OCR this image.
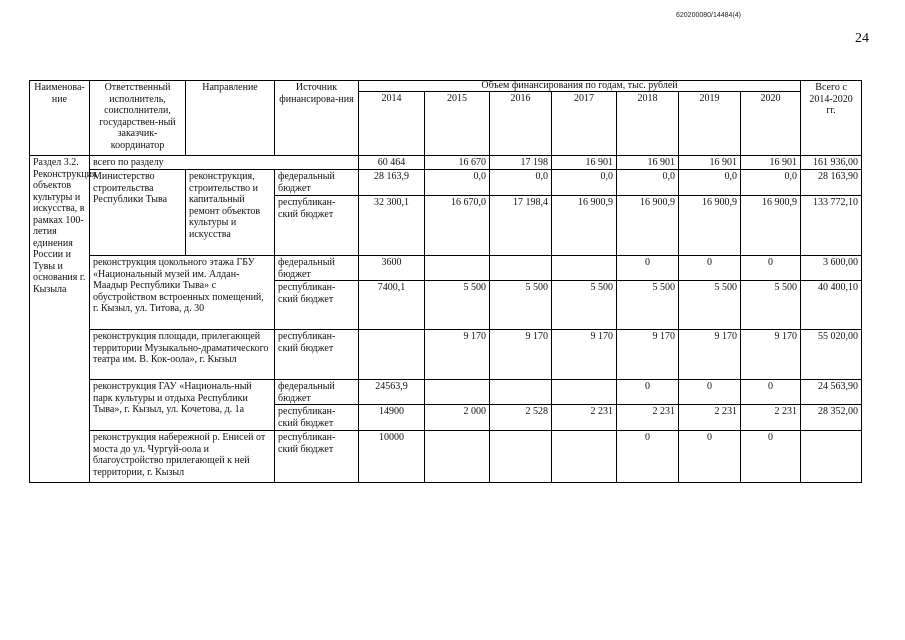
620200080/14484(4)
24
Наименова-ние	Ответственный исполнитель, соисполнители, государствен-ный заказчик-координатор	Направление	Источник финансирова-ния	Объем финансирования по годам, тыс. рублей							Всего с 2014-2020 гг.
				2014	2015	2016	2017	2018	2019	2020	
Раздел 3.2. Реконструкция объектов культуры и искусства, в рамках 100-летия единения России и Тувы и основания г. Кызыла	всего по разделу			60 464	16 670	17 198	16 901	16 901	16 901	16 901	161 936,00
	Министерство строительства Республики Тыва	реконструкция, строительство и капитальный ремонт объектов культуры и искусства	федеральный бюджет	28 163,9	0,0	0,0	0,0	0,0	0,0	0,0	28 163,90
			республикан-ский бюджет	32 300,1	16 670,0	17 198,4	16 900,9	16 900,9	16 900,9	16 900,9	133 772,10
	реконструкция цокольного этажа ГБУ «Национальный музей им. Алдан-Маадыр Республики Тыва» с обустройством встроенных помещений, г. Кызыл, ул. Титова, д. 30		федеральный бюджет	3600				0	0	0	3 600,00
			республикан-ский бюджет	7400,1	5 500	5 500	5 500	5 500	5 500	5 500	40 400,10
	реконструкция площади, прилегающей территории Музыкально-драматического театра им. В. Кок-оола», г. Кызыл		республикан-ский бюджет		9 170	9 170	9 170	9 170	9 170	9 170	55 020,00
	реконструкция ГАУ «Националь-ный парк культуры и отдыха Республики Тыва», г. Кызыл, ул. Кочетова, д. 1а		федеральный бюджет	24563,9				0	0	0	24 563,90
			республикан-ский бюджет	14900	2 000	2 528	2 231	2 231	2 231	2 231	28 352,00
	реконструкция набережной р. Енисей от моста до ул. Чургуй-оола и благоустройство прилегающей к ней территории, г. Кызыл		республикан-ский бюджет	10000				0	0	0	
